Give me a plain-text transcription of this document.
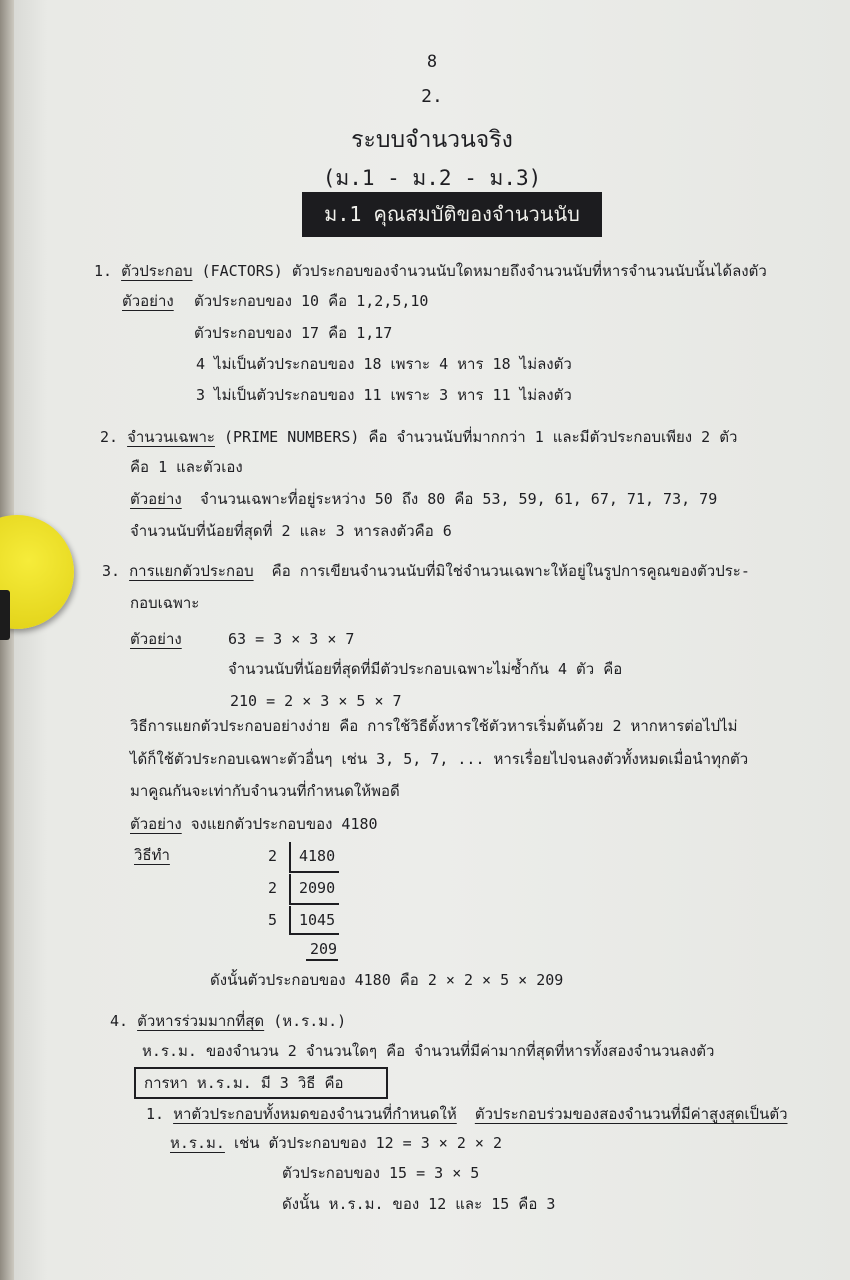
8
2.
ระบบจำนวนจริง
(ม.1 - ม.2 - ม.3)
ม.1 คุณสมบัติของจำนวนนับ
1. ตัวประกอบ (FACTORS) ตัวประกอบของจำนวนนับใดหมายถึงจำนวนนับที่หารจำนวนนับนั้นได้ลงตัว
ตัวอย่าง ตัวประกอบของ 10 คือ 1,2,5,10
ตัวประกอบของ 17 คือ 1,17
4 ไม่เป็นตัวประกอบของ 18 เพราะ 4 หาร 18 ไม่ลงตัว
3 ไม่เป็นตัวประกอบของ 11 เพราะ 3 หาร 11 ไม่ลงตัว
2. จำนวนเฉพาะ (PRIME NUMBERS) คือ จำนวนนับที่มากกว่า 1 และมีตัวประกอบเพียง 2 ตัว
คือ 1 และตัวเอง
ตัวอย่าง จำนวนเฉพาะที่อยู่ระหว่าง 50 ถึง 80 คือ 53, 59, 61, 67, 71, 73, 79
จำนวนนับที่น้อยที่สุดที่ 2 และ 3 หารลงตัวคือ 6
3. การแยกตัวประกอบ คือ การเขียนจำนวนนับที่มิใช่จำนวนเฉพาะให้อยู่ในรูปการคูณของตัวประ-
กอบเฉพาะ
ตัวอย่าง	63 = 3 × 3 × 7
จำนวนนับที่น้อยที่สุดที่มีตัวประกอบเฉพาะไม่ซ้ำกัน 4 ตัว คือ
210 = 2 × 3 × 5 × 7
วิธีการแยกตัวประกอบอย่างง่าย คือ การใช้วิธีตั้งหารใช้ตัวหารเริ่มต้นด้วย 2 หากหารต่อไปไม่
ได้ก็ใช้ตัวประกอบเฉพาะตัวอื่นๆ เช่น 3, 5, 7, ... หารเรื่อยไปจนลงตัวทั้งหมดเมื่อนำทุกตัว
มาคูณกันจะเท่ากับจำนวนที่กำหนดให้พอดี
ตัวอย่าง จงแยกตัวประกอบของ 4180
วิธีทำ	2 4180
2 2090
5 1045
209
ดังนั้นตัวประกอบของ 4180 คือ 2 × 2 × 5 × 209
4. ตัวหารร่วมมากที่สุด (ห.ร.ม.)
ห.ร.ม. ของจำนวน 2 จำนวนใดๆ คือ จำนวนที่มีค่ามากที่สุดที่หารทั้งสองจำนวนลงตัว
การหา ห.ร.ม. มี 3 วิธี คือ
1. หาตัวประกอบทั้งหมดของจำนวนที่กำหนดให้ ตัวประกอบร่วมของสองจำนวนที่มีค่าสูงสุดเป็นตัว
ห.ร.ม. เช่น ตัวประกอบของ 12 = 3 × 2 × 2
ตัวประกอบของ 15 = 3 × 5
ดังนั้น ห.ร.ม. ของ 12 และ 15 คือ 3
